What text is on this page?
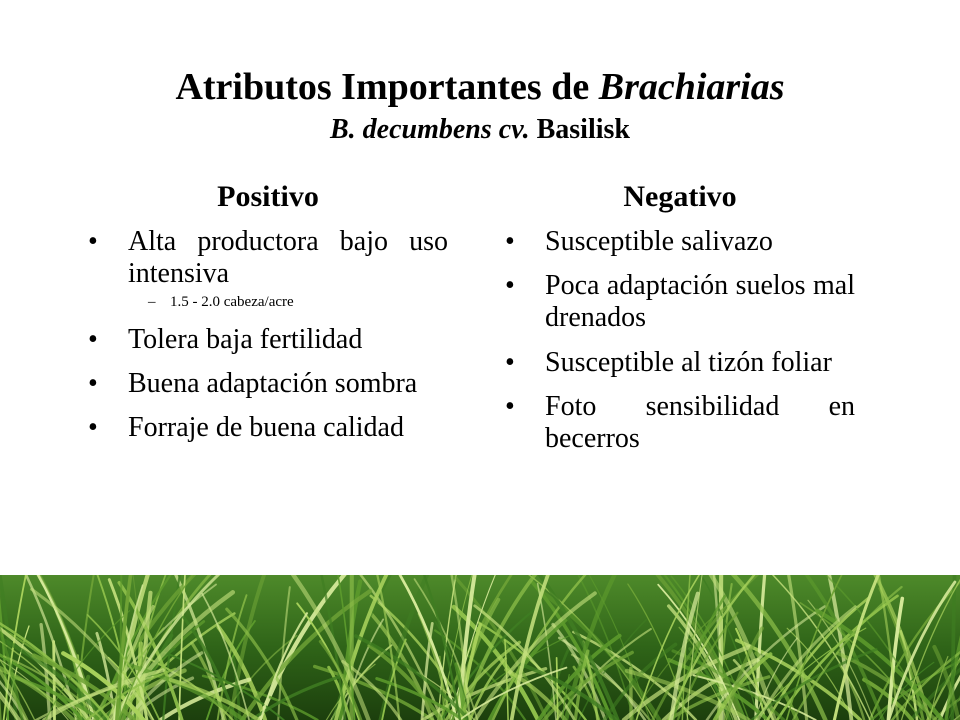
Atributos Importantes de Brachiarias
B. decumbens cv. Basilisk
Positivo
• Alta productora bajo uso intensiva
– 1.5 - 2.0 cabeza/acre
• Tolera baja fertilidad
• Buena adaptación sombra
• Forraje de buena calidad
Negativo
• Susceptible salivazo
• Poca adaptación suelos mal drenados
• Susceptible al tizón foliar
• Foto sensibilidad en becerros
